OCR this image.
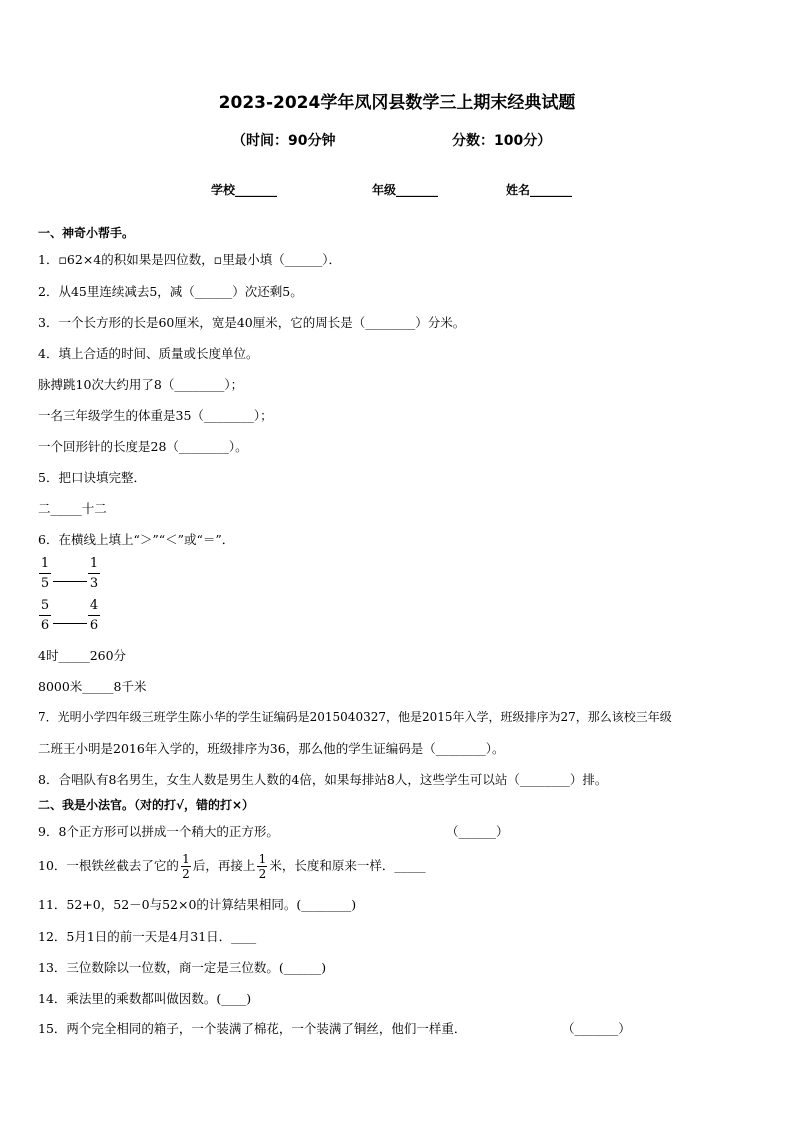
2023-2024学年凤冈县数学三上期末经典试题
（时间：90分钟	分数：100分）
学校_______	年级_______	姓名_______
一、神奇小帮手。
1．▫62×4的积如果是四位数，▫里最小填（______）．
2．从45里连续减去5，减（______）次还剩5。
3．一个长方形的长是60厘米，宽是40厘米，它的周长是（________）分米。
4．填上合适的时间、质量或长度单位。
脉搏跳10次大约用了8（________）；
一名三年级学生的体重是35（________）；
一个回形针的长度是28（________）。
5．把口诀填完整．
二_____十二
6．在横线上填上“＞”“＜”或“＝”．
1
5
1
3
5
6
4
6
4时_____260分
8000米_____8千米
7．光明小学四年级三班学生陈小华的学生证编码是2015040327，他是2015年入学，班级排序为27，那么该校三年级
二班王小明是2016年入学的，班级排序为36，那么他的学生证编码是（________）。
8．合唱队有8名男生，女生人数是男生人数的4倍，如果每排站8人，这些学生可以站（________）排。
二、我是小法官。（对的打√，错的打×）
9．8个正方形可以拼成一个稍大的正方形。	（______）
10．一根铁丝截去了它的 $\frac{1}{2}$ 后，再接上 $\frac{1}{2}$ 米，长度和原来一样．_____
11．52+0，52－0与52×0的计算结果相同。(________)
12．5月1日的前一天是4月31日．____
13．三位数除以一位数，商一定是三位数。(______)
14．乘法里的乘数都叫做因数。(____)
15．两个完全相同的箱子，一个装满了棉花，一个装满了铜丝，他们一样重．	（_______）
